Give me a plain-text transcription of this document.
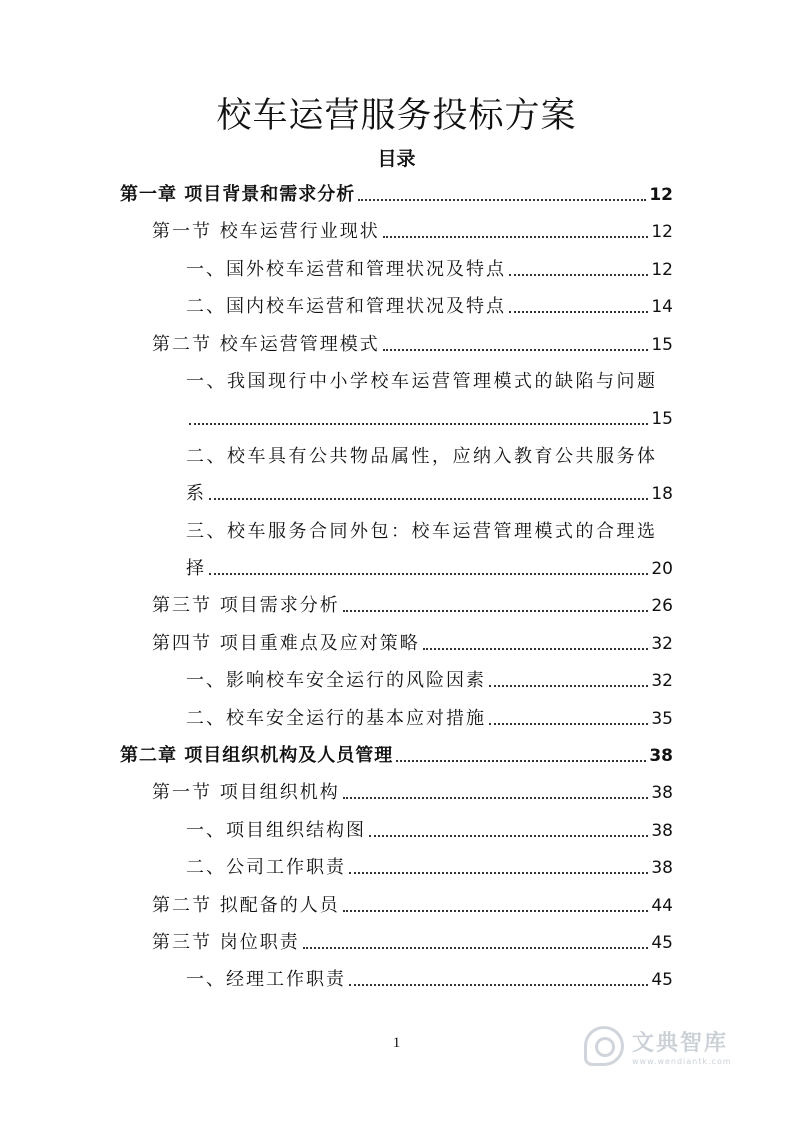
校车运营服务投标方案
目录
第一章 项目背景和需求分析	12
第一节 校车运营行业现状	12
一、国外校车运营和管理状况及特点	12
二、国内校车运营和管理状况及特点	14
第二节 校车运营管理模式	15
一、我国现行中小学校车运营管理模式的缺陷与问题
15
二、校车具有公共物品属性，应纳入教育公共服务体
系	18
三、校车服务合同外包：校车运营管理模式的合理选
择	20
第三节 项目需求分析	26
第四节 项目重难点及应对策略	32
一、影响校车安全运行的风险因素	32
二、校车安全运行的基本应对措施	35
第二章 项目组织机构及人员管理	38
第一节 项目组织机构	38
一、项目组织结构图	38
二、公司工作职责	38
第二节 拟配备的人员	44
第三节 岗位职责	45
一、经理工作职责	45
1	文典智库
www.wendiantk.com
